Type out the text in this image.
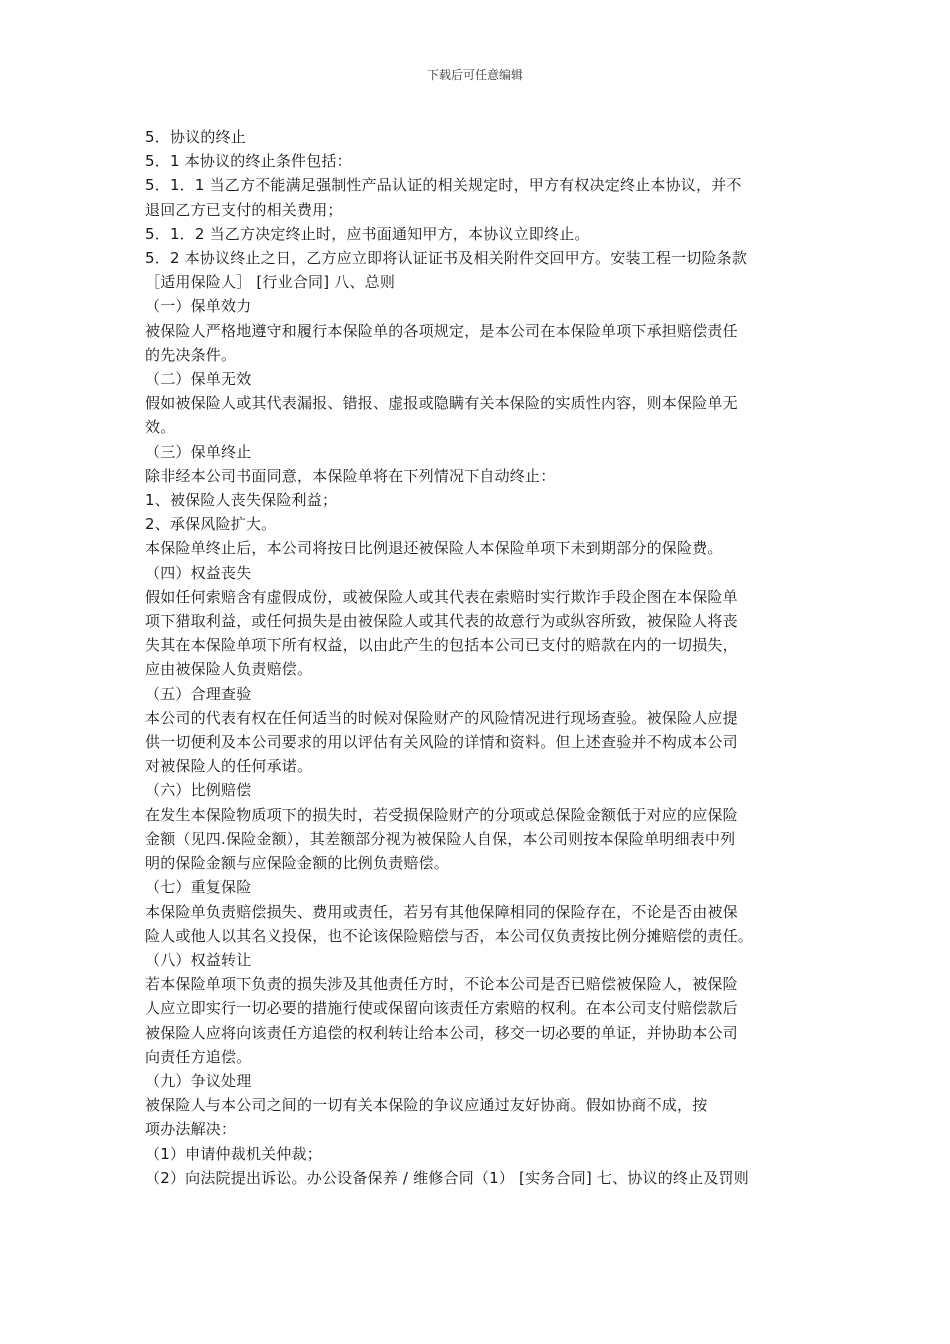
下载后可任意编辑
5．协议的终止
5．1 本协议的终止条件包括：
5．1．1 当乙方不能满足强制性产品认证的相关规定时，甲方有权决定终止本协议，并不
退回乙方已支付的相关费用；
5．1．2 当乙方决定终止时，应书面通知甲方，本协议立即终止。
5．2 本协议终止之日，乙方应立即将认证证书及相关附件交回甲方。安装工程一切险条款
［适用保险人］ [行业合同] 八、总则
（一）保单效力
被保险人严格地遵守和履行本保险单的各项规定，是本公司在本保险单项下承担赔偿责任
的先决条件。
（二）保单无效
假如被保险人或其代表漏报、错报、虚报或隐瞒有关本保险的实质性内容，则本保险单无
效。
（三）保单终止
除非经本公司书面同意，本保险单将在下列情况下自动终止：
1、被保险人丧失保险利益；
2、承保风险扩大。
本保险单终止后，本公司将按日比例退还被保险人本保险单项下未到期部分的保险费。
（四）权益丧失
假如任何索赔含有虚假成份，或被保险人或其代表在索赔时实行欺诈手段企图在本保险单
项下猎取利益，或任何损失是由被保险人或其代表的故意行为或纵容所致，被保险人将丧
失其在本保险单项下所有权益，以由此产生的包括本公司已支付的赔款在内的一切损失，
应由被保险人负责赔偿。
（五）合理查验
本公司的代表有权在任何适当的时候对保险财产的风险情况进行现场查验。被保险人应提
供一切便利及本公司要求的用以评估有关风险的详情和资料。但上述查验并不构成本公司
对被保险人的任何承诺。
（六）比例赔偿
在发生本保险物质项下的损失时，若受损保险财产的分项或总保险金额低于对应的应保险
金额（见四.保险金额），其差额部分视为被保险人自保，本公司则按本保险单明细表中列
明的保险金额与应保险金额的比例负责赔偿。
（七）重复保险
本保险单负责赔偿损失、费用或责任，若另有其他保障相同的保险存在，不论是否由被保
险人或他人以其名义投保，也不论该保险赔偿与否，本公司仅负责按比例分摊赔偿的责任。
（八）权益转让
若本保险单项下负责的损失涉及其他责任方时，不论本公司是否已赔偿被保险人，被保险
人应立即实行一切必要的措施行使或保留向该责任方索赔的权利。在本公司支付赔偿款后
被保险人应将向该责任方追偿的权利转让给本公司，移交一切必要的单证，并协助本公司
向责任方追偿。
（九）争议处理
被保险人与本公司之间的一切有关本保险的争议应通过友好协商。假如协商不成，按
项办法解决：
（1）申请仲裁机关仲裁；
（2）向法院提出诉讼。办公设备保养 / 维修合同（1） [实务合同] 七、协议的终止及罚则
